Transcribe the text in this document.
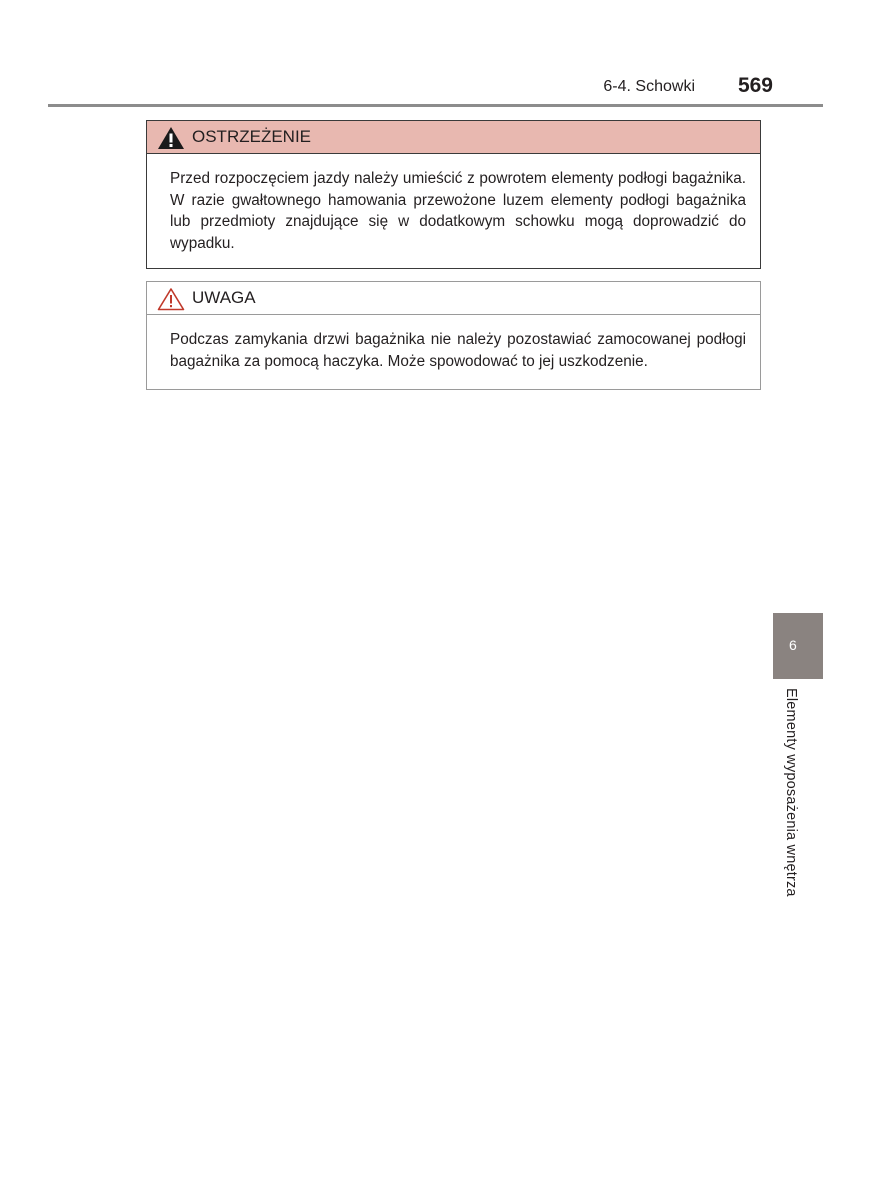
6-4. Schowki 569
OSTRZEŻENIE
Przed rozpoczęciem jazdy należy umieścić z powrotem elementy podłogi bagażnika. W razie gwałtownego hamowania przewożone luzem elementy podłogi bagażnika lub przedmioty znajdujące się w dodatkowym schowku mogą doprowadzić do wypadku.
UWAGA
Podczas zamykania drzwi bagażnika nie należy pozostawiać zamocowanej podłogi bagażnika za pomocą haczyka. Może spowodować to jej uszkodzenie.
6
Elementy wyposażenia wnętrza
